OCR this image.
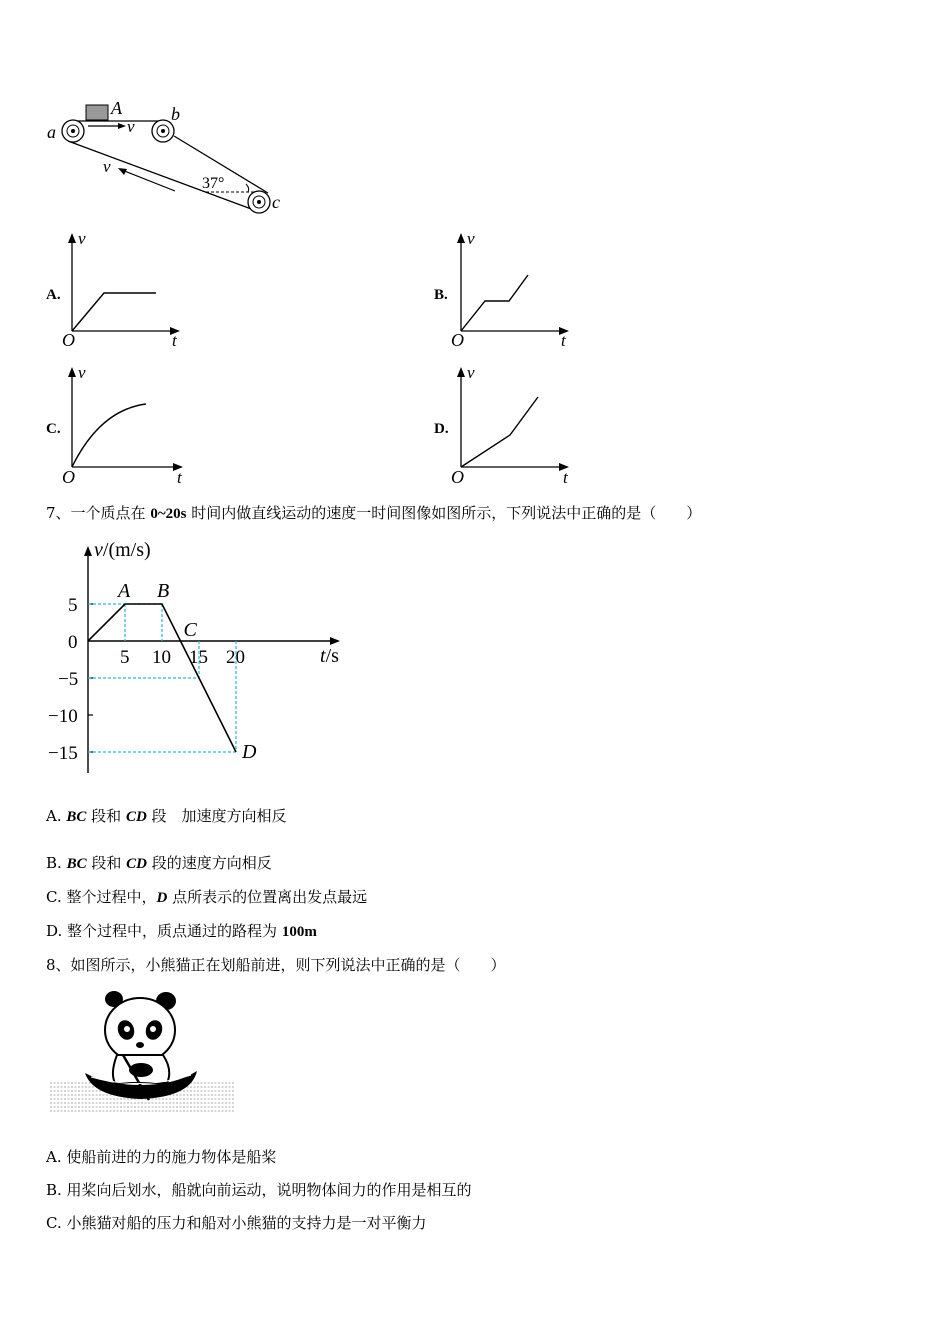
a
A	b
c
v
v
37°
A.
v
t
O
B.
v
t
O
C.
v
t
O
D.
v
t
O
7、一个质点在 0~20s 时间内做直线运动的速度一时间图像如图所示，下列说法中正确的是（　　）
v/(m/s)
t/s
5 10 15 20
5
0
−5
−10
−15
A B
C
D
A. BC 段和 CD 段　加速度方向相反
B. BC 段和 CD 段的速度方向相反
C. 整个过程中，D 点所表示的位置离出发点最远
D. 整个过程中，质点通过的路程为 100m
8、如图所示，小熊猫正在划船前进，则下列说法中正确的是（　　）
A. 使船前进的力的施力物体是船桨
B. 用桨向后划水，船就向前运动，说明物体间力的作用是相互的
C. 小熊猫对船的压力和船对小熊猫的支持力是一对平衡力
